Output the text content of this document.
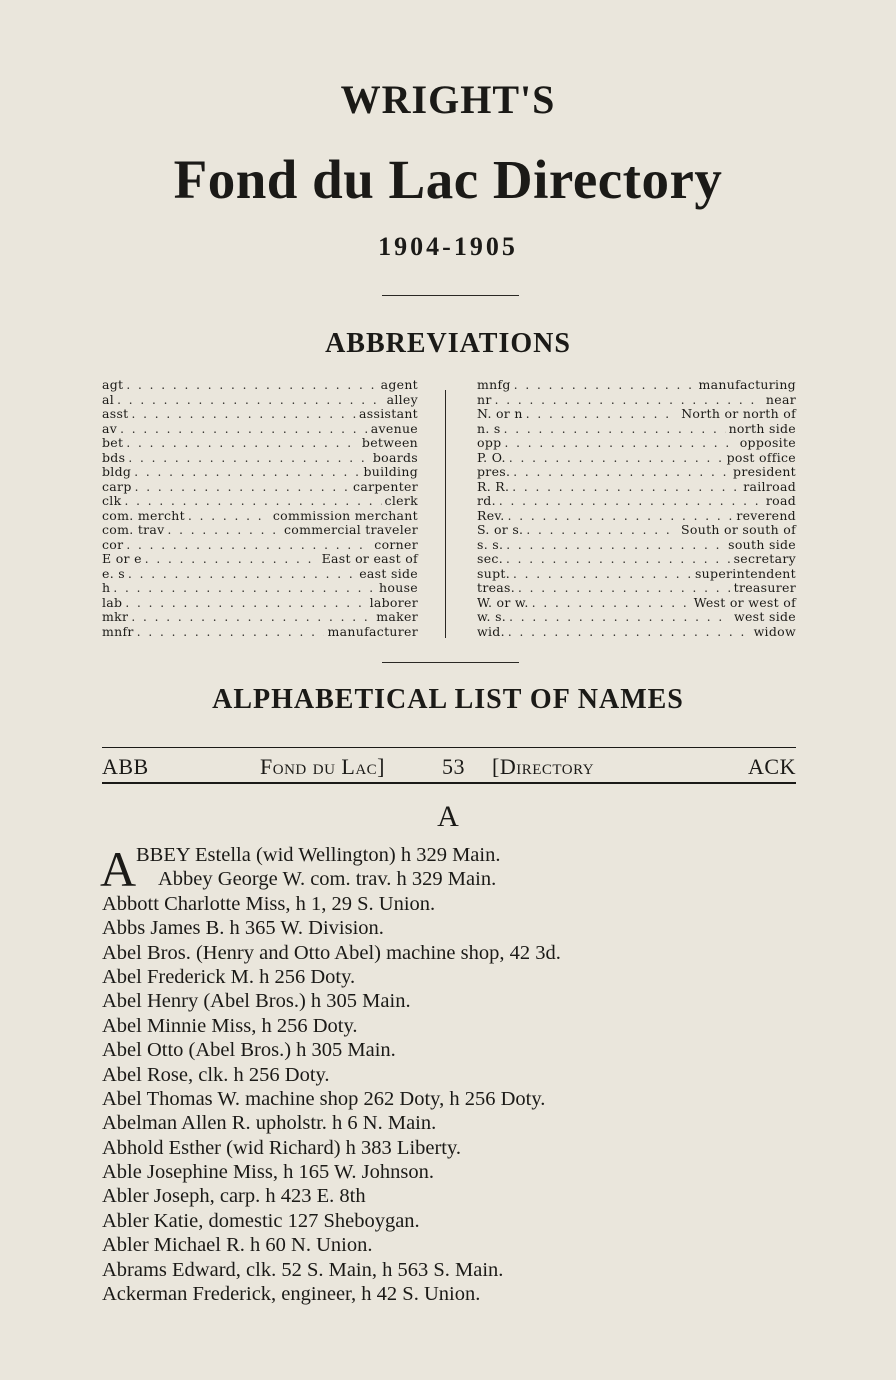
WRIGHT'S
Fond du Lac Directory
1904-1905
ABBREVIATIONS
agt . . .	agent
al . . .	alley
asst . . .	assistant
av . . .	avenue
bet . . .	between
bds . . .	boards
bldg . . .	building
carp . . .	carpenter
clk . . .	clerk
com. mercht . . .	commission merchant
com. trav . . .	commercial traveler
cor . . .	corner
E or e . . .	East or east of
e. s . . .	east side
h . . .	house
lab . . .	laborer
mkr . . .	maker
mnfr . . .	manufacturer
mnfg . . .	manufacturing
nr . . .	near
N. or n . . .	North or north of
n. s . . .	north side
opp . . .	opposite
P. O. . . .	post office
pres. . . .	president
R. R. . . .	railroad
rd. . . .	road
Rev. . . .	reverend
S. or s. . . .	South or south of
s. s. . . .	south side
sec. . . .	secretary
supt. . . .	superintendent
treas. . . .	treasurer
W. or w. . . .	West or west of
w. s. . . .	west side
wid. . . .	widow
ALPHABETICAL LIST OF NAMES
ABB	Fond du Lac]	53 [Directory	ACK
A
A BBEY Estella (wid Wellington) h 329 Main.
Abbey George W. com. trav. h 329 Main.
Abbott Charlotte Miss, h 1, 29 S. Union.
Abbs James B. h 365 W. Division.
Abel Bros. (Henry and Otto Abel) machine shop, 42 3d.
Abel Frederick M. h 256 Doty.
Abel Henry (Abel Bros.) h 305 Main.
Abel Minnie Miss, h 256 Doty.
Abel Otto (Abel Bros.) h 305 Main.
Abel Rose, clk. h 256 Doty.
Abel Thomas W. machine shop 262 Doty, h 256 Doty.
Abelman Allen R. upholstr. h 6 N. Main.
Abhold Esther (wid Richard) h 383 Liberty.
Able Josephine Miss, h 165 W. Johnson.
Abler Joseph, carp. h 423 E. 8th
Abler Katie, domestic 127 Sheboygan.
Abler Michael R. h 60 N. Union.
Abrams Edward, clk. 52 S. Main, h 563 S. Main.
Ackerman Frederick, engineer, h 42 S. Union.
